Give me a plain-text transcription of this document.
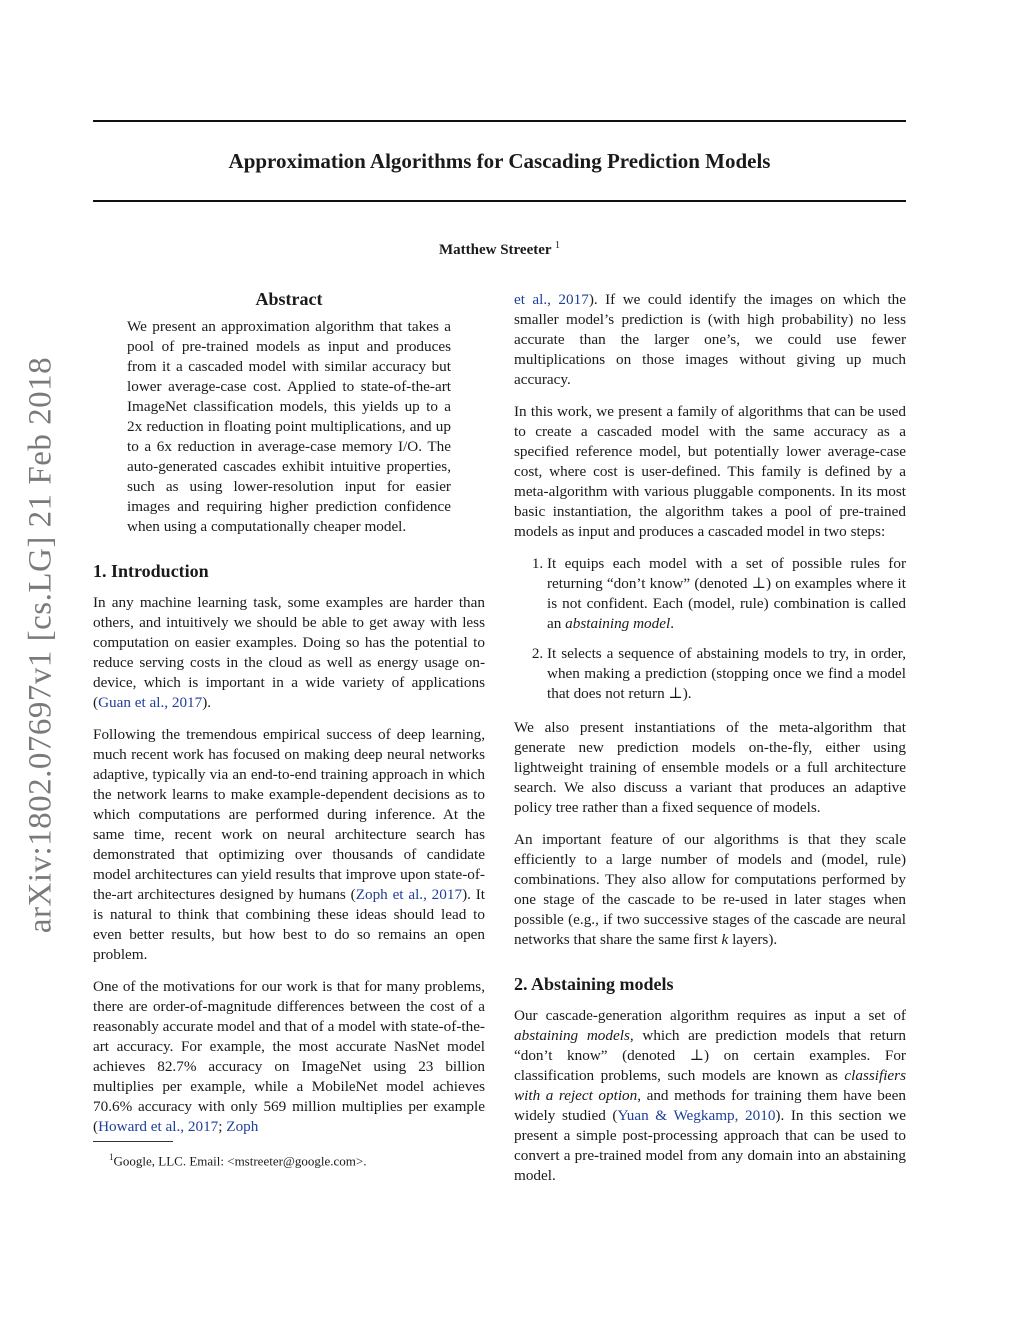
arXiv:1802.07697v1 [cs.LG] 21 Feb 2018
Approximation Algorithms for Cascading Prediction Models
Matthew Streeter $^1$
Abstract

We present an approximation algorithm that takes a pool of pre-trained models as input and produces from it a cascaded model with similar accuracy but lower average-case cost. Applied to state-of-the-art ImageNet classification models, this yields up to a 2x reduction in floating point multiplications, and up to a 6x reduction in average-case memory I/O. The auto-generated cascades exhibit intuitive properties, such as using lower-resolution input for easier images and requiring higher prediction confidence when using a computationally cheaper model.

1. Introduction

In any machine learning task, some examples are harder than others, and intuitively we should be able to get away with less computation on easier examples. Doing so has the potential to reduce serving costs in the cloud as well as energy usage on-device, which is important in a wide variety of applications (Guan et al., 2017).

Following the tremendous empirical success of deep learning, much recent work has focused on making deep neural networks adaptive, typically via an end-to-end training approach in which the network learns to make example-dependent decisions as to which computations are performed during inference. At the same time, recent work on neural architecture search has demonstrated that optimizing over thousands of candidate model architectures can yield results that improve upon state-of-the-art architectures designed by humans (Zoph et al., 2017). It is natural to think that combining these ideas should lead to even better results, but how best to do so remains an open problem.

One of the motivations for our work is that for many problems, there are order-of-magnitude differences between the cost of a reasonably accurate model and that of a model with state-of-the-art accuracy. For example, the most accurate NasNet model achieves 82.7% accuracy on ImageNet using 23 billion multiplies per example, while a MobileNet model achieves 70.6% accuracy with only 569 million multiplies per example (Howard et al., 2017; Zoph

$^1$Google, LLC. Email: <mstreeter@google.com>.

et al., 2017). If we could identify the images on which the smaller model’s prediction is (with high probability) no less accurate than the larger one’s, we could use fewer multiplications on those images without giving up much accuracy.

In this work, we present a family of algorithms that can be used to create a cascaded model with the same accuracy as a specified reference model, but potentially lower average-case cost, where cost is user-defined. This family is defined by a meta-algorithm with various pluggable components. In its most basic instantiation, the algorithm takes a pool of pre-trained models as input and produces a cascaded model in two steps:

1. It equips each model with a set of possible rules for returning “don’t know” (denoted ⊥) on examples where it is not confident. Each (model, rule) combination is called an abstaining model.
2. It selects a sequence of abstaining models to try, in order, when making a prediction (stopping once we find a model that does not return ⊥).

We also present instantiations of the meta-algorithm that generate new prediction models on-the-fly, either using lightweight training of ensemble models or a full architecture search. We also discuss a variant that produces an adaptive policy tree rather than a fixed sequence of models.

An important feature of our algorithms is that they scale efficiently to a large number of models and (model, rule) combinations. They also allow for computations performed by one stage of the cascade to be re-used in later stages when possible (e.g., if two successive stages of the cascade are neural networks that share the same first k layers).

2. Abstaining models

Our cascade-generation algorithm requires as input a set of abstaining models, which are prediction models that return “don’t know” (denoted ⊥) on certain examples. For classification problems, such models are known as classifiers with a reject option, and methods for training them have been widely studied (Yuan & Wegkamp, 2010). In this section we present a simple post-processing approach that can be used to convert a pre-trained model from any domain into an abstaining model.
